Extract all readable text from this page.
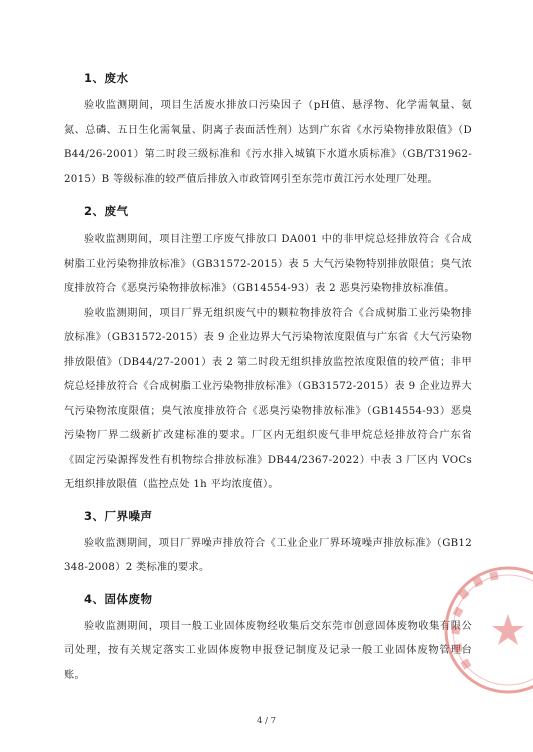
1、废水

验收监测期间，项目生活废水排放口污染因子（pH值、悬浮物、化学需氧量、氨氮、总磷、五日生化需氧量、阴离子表面活性剂）达到广东省《水污染物排放限值》（DB44/26-2001）第二时段三级标准和《污水排入城镇下水道水质标准》（GB/T31962-2015）B 等级标准的较严值后排放入市政管网引至东莞市黄江污水处理厂处理。

2、废气

验收监测期间，项目注塑工序废气排放口 DA001 中的非甲烷总烃排放符合《合成树脂工业污染物排放标准》（GB31572-2015）表 5 大气污染物特别排放限值；臭气浓度排放符合《恶臭污染物排放标准》（GB14554-93）表 2 恶臭污染物排放标准值。

验收监测期间，项目厂界无组织废气中的颗粒物排放符合《合成树脂工业污染物排放标准》（GB31572-2015）表 9 企业边界大气污染物浓度限值与广东省《大气污染物排放限值》（DB44/27-2001）表 2 第二时段无组织排放监控浓度限值的较严值；非甲烷总烃排放符合《合成树脂工业污染物排放标准》（GB31572-2015）表 9 企业边界大气污染物浓度限值；臭气浓度排放符合《恶臭污染物排放标准》（GB14554-93）恶臭污染物厂界二级新扩改建标准的要求。厂区内无组织废气非甲烷总烃排放符合广东省《固定污染源挥发性有机物综合排放标准》DB44/2367-2022）中表 3 厂区内 VOCs 无组织排放限值（监控点处 1h 平均浓度值）。

3、厂界噪声

验收监测期间，项目厂界噪声排放符合《工业企业厂界环境噪声排放标准》（GB12348-2008）2 类标准的要求。

4、固体废物

验收监测期间，项目一般工业固体废物经收集后交东莞市创意固体废物收集有限公司处理，按有关规定落实工业固体废物申报登记制度及记录一般工业固体废物管理台账。

4 / 7
